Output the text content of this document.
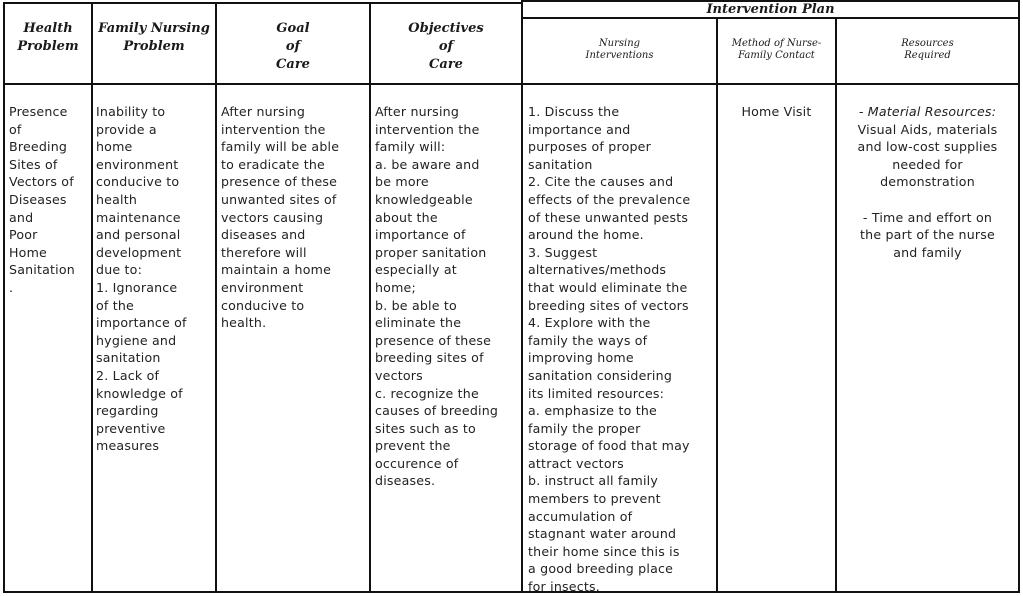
Intervention Plan
Health
Problem
Family Nursing
Problem
Goal
of
Care
Objectives
of
Care
Nursing
Interventions
Method of Nurse-
Family Contact
Resources
Required
Presence
of
Breeding
Sites of
Vectors of
Diseases
and
Poor
Home
Sanitation
.
Inability to
provide a
home
environment
conducive to
health
maintenance
and personal
development
due to:
1. Ignorance
of the
importance of
hygiene and
sanitation
2. Lack of
knowledge of
regarding
preventive
measures
After nursing
intervention the
family will be able
to eradicate the
presence of these
unwanted sites of
vectors causing
diseases and
therefore will
maintain a home
environment
conducive to
health.
After nursing
intervention the
family will:
a. be aware and
be more
knowledgeable
about the
importance of
proper sanitation
especially at
home;
b. be able to
eliminate the
presence of these
breeding sites of
vectors
c. recognize the
causes of breeding
sites such as to
prevent the
occurence of
diseases.
1. Discuss the
importance and
purposes of proper
sanitation
2. Cite the causes and
effects of the prevalence
of these unwanted pests
around the home.
3. Suggest
alternatives/methods
that would eliminate the
breeding sites of vectors
4. Explore with the
family the ways of
improving home
sanitation considering
its limited resources:
a. emphasize to the
family the proper
storage of food that may
attract vectors
b. instruct all family
members to prevent
accumulation of
stagnant water around
their home since this is
a good breeding place
for insects.
Home Visit	- Material Resources:
Visual Aids, materials
and low-cost supplies
needed for
demonstration
- Time and effort on
the part of the nurse
and family
